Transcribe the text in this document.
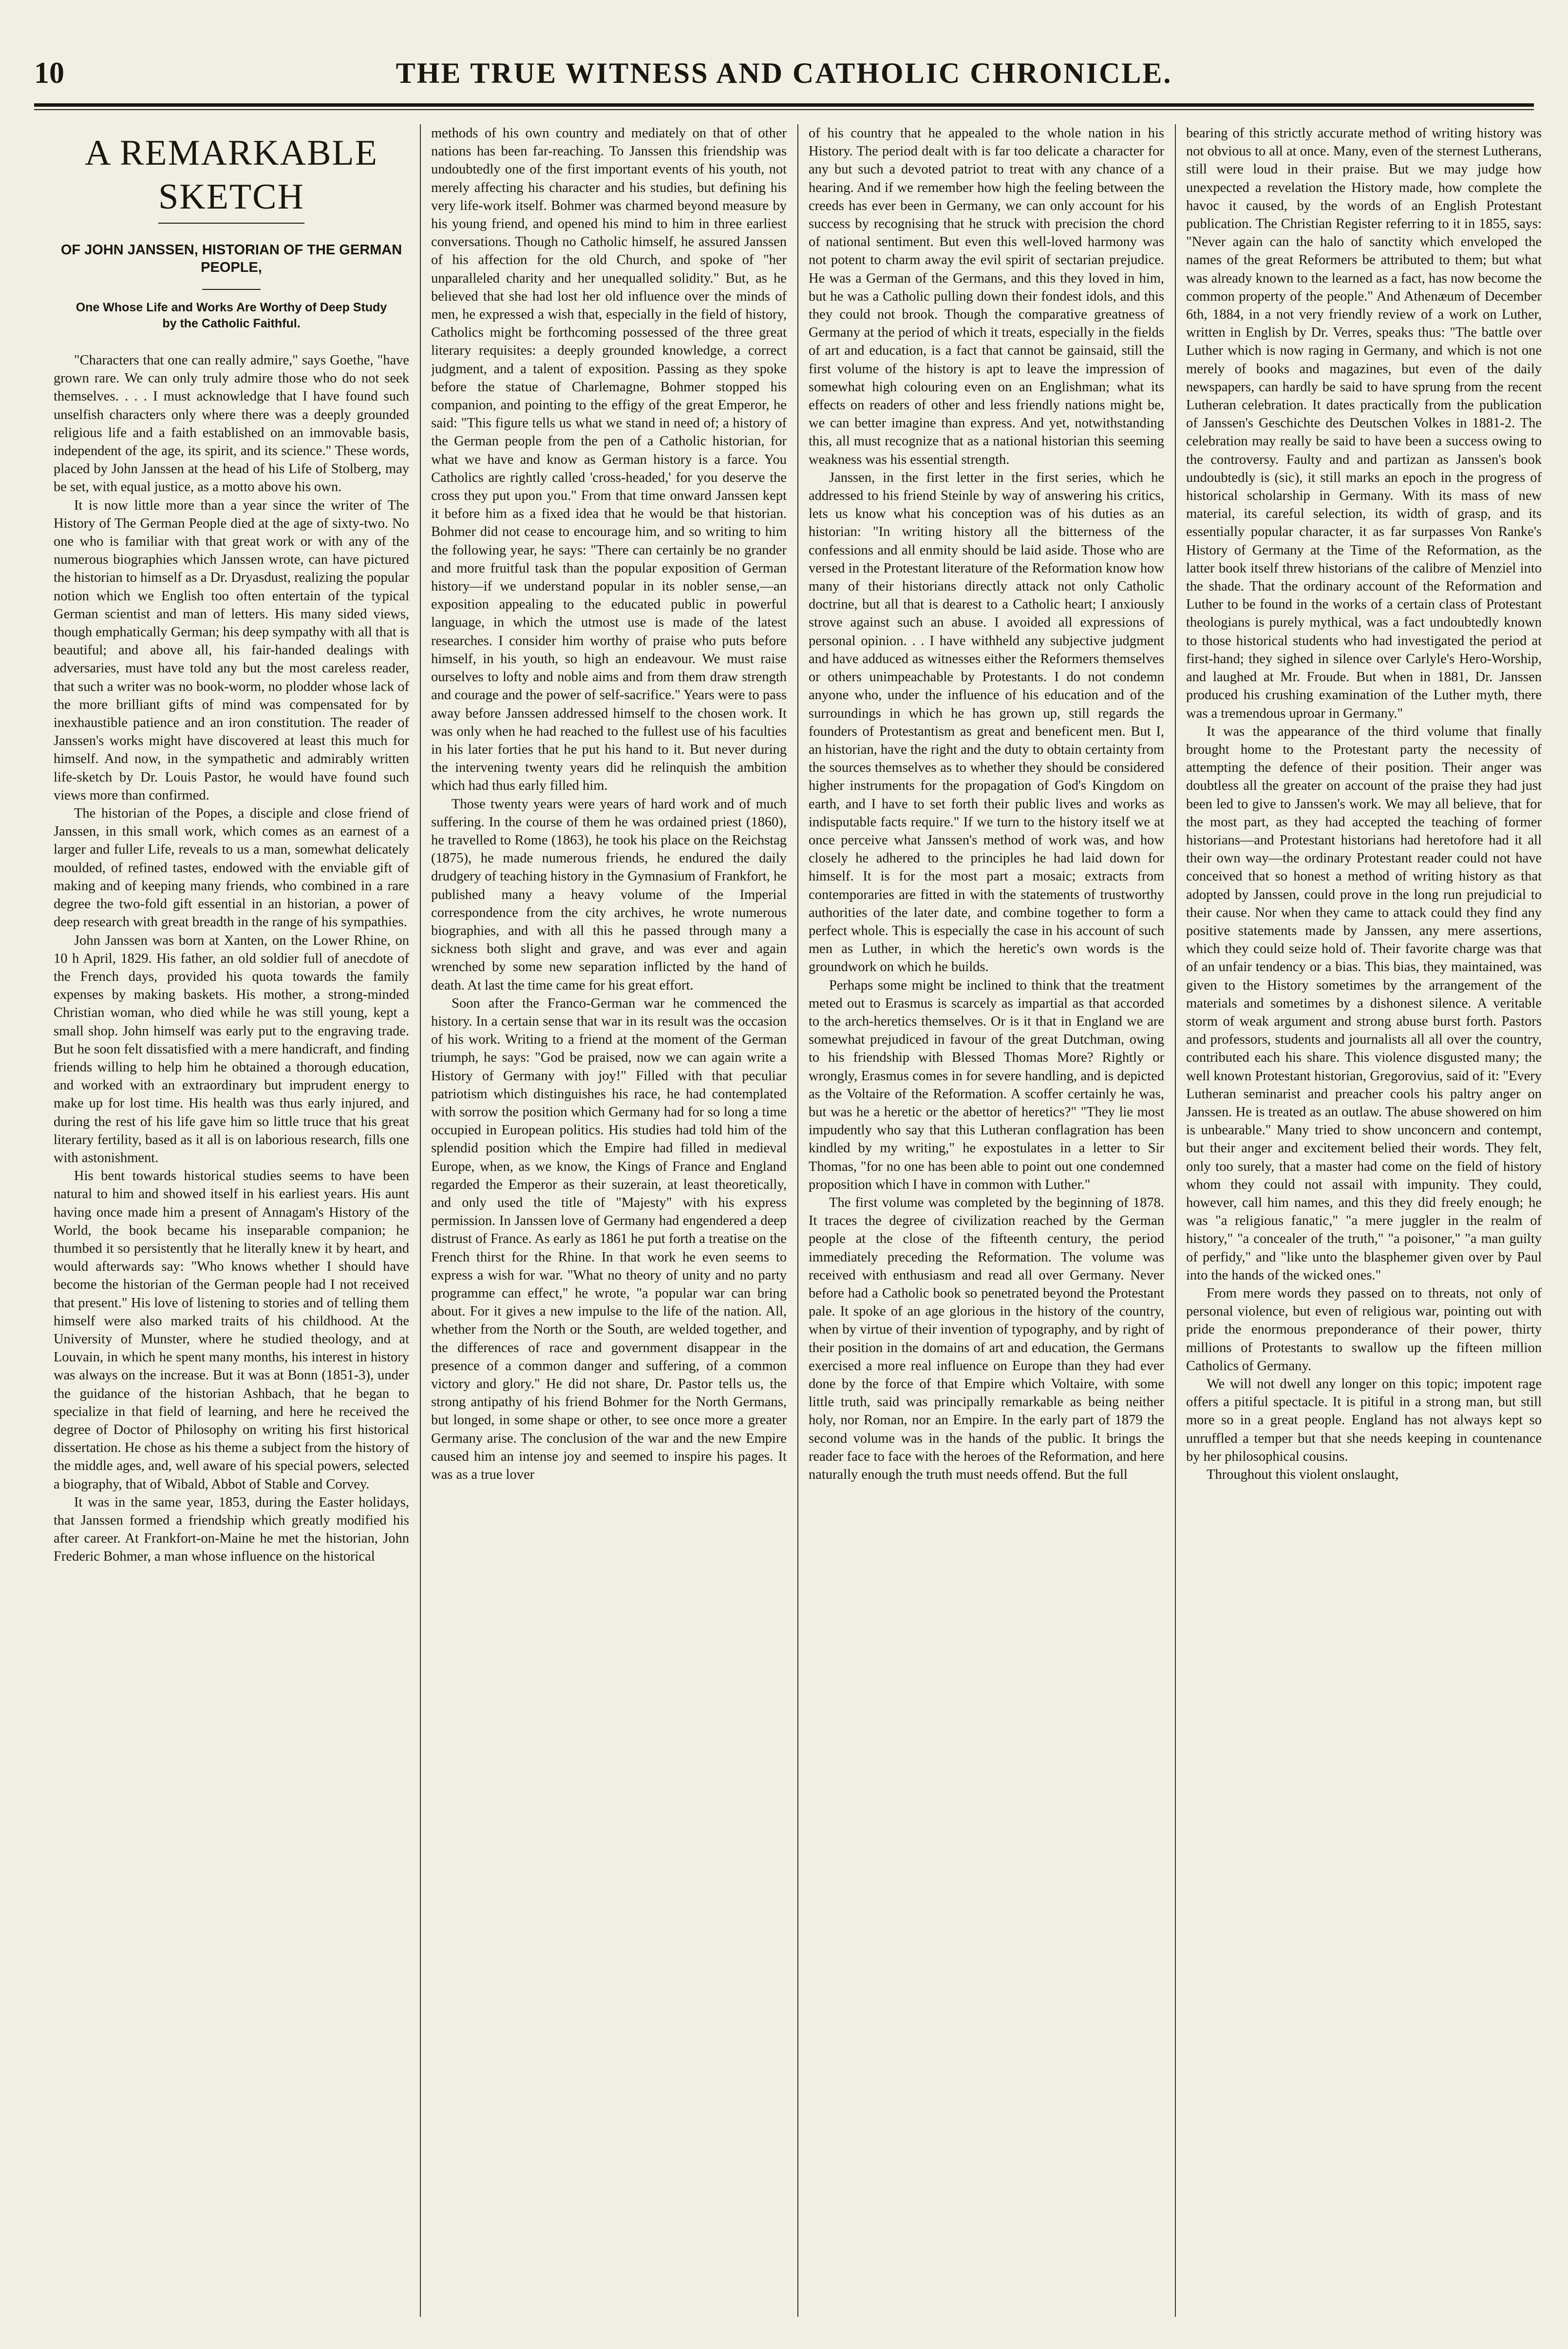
10	THE TRUE WITNESS AND CATHOLIC CHRONICLE.
A REMARKABLE SKETCH
OF JOHN JANSSEN, HISTORIAN OF THE GERMAN PEOPLE,
One Whose Life and Works Are Worthy of Deep Study by the Catholic Faithful.

"Characters that one can really admire," says Goethe, "have grown rare. We can only truly admire those who do not seek themselves. . . . I must acknowledge that I have found such unselfish characters only where there was a deeply grounded religious life and a faith established on an immovable basis, independent of the age, its spirit, and its science." These words, placed by John Janssen at the head of his Life of Stolberg, may be set, with equal justice, as a motto above his own.

It is now little more than a year since the writer of The History of The German People died at the age of sixty-two. No one who is familiar with that great work or with any of the numerous biographies which Janssen wrote, can have pictured the historian to himself as a Dr. Dryasdust, realizing the popular notion which we English too often entertain of the typical German scientist and man of letters. His many sided views, though emphatically German; his deep sympathy with all that is beautiful; and above all, his fair-handed dealings with adversaries, must have told any but the most careless reader, that such a writer was no book-worm, no plodder whose lack of the more brilliant gifts of mind was compensated for by inexhaustible patience and an iron constitution. The reader of Janssen's works might have discovered at least this much for himself. And now, in the sympathetic and admirably written life-sketch by Dr. Louis Pastor, he would have found such views more than confirmed.

The historian of the Popes, a disciple and close friend of Janssen, in this small work, which comes as an earnest of a larger and fuller Life, reveals to us a man, somewhat delicately moulded, of refined tastes, endowed with the enviable gift of making and of keeping many friends, who combined in a rare degree the two-fold gift essential in an historian, a power of deep research with great breadth in the range of his sympathies.

John Janssen was born at Xanten, on the Lower Rhine, on 10 h April, 1829. His father, an old soldier full of anecdote of the French days, provided his quota towards the family expenses by making baskets. His mother, a strong-minded Christian woman, who died while he was still young, kept a small shop. John himself was early put to the engraving trade. But he soon felt dissatisfied with a mere handicraft, and finding friends willing to help him he obtained a thorough education, and worked with an extraordinary but imprudent energy to make up for lost time. His health was thus early injured, and during the rest of his life gave him so little truce that his great literary fertility, based as it all is on laborious research, fills one with astonishment.

His bent towards historical studies seems to have been natural to him and showed itself in his earliest years. His aunt having once made him a present of Annagam's History of the World, the book became his inseparable companion; he thumbed it so persistently that he literally knew it by heart, and would afterwards say: "Who knows whether I should have become the historian of the German people had I not received that present." His love of listening to stories and of telling them himself were also marked traits of his childhood. At the University of Munster, where he studied theology, and at Louvain, in which he spent many months, his interest in history was always on the increase. But it was at Bonn (1851-3), under the guidance of the historian Ashbach, that he began to specialize in that field of learning, and here he received the degree of Doctor of Philosophy on writing his first historical dissertation. He chose as his theme a subject from the history of the middle ages, and, well aware of his special powers, selected a biography, that of Wibald, Abbot of Stable and Corvey.

It was in the same year, 1853, during the Easter holidays, that Janssen formed a friendship which greatly modified his after career. At Frankfort-on-Maine he met the historian, John Frederic Bohmer, a man whose influence on the historical

methods of his own country and mediately on that of other nations has been far-reaching. To Janssen this friendship was undoubtedly one of the first important events of his youth, not merely affecting his character and his studies, but defining his very life-work itself. Bohmer was charmed beyond measure by his young friend, and opened his mind to him in three earliest conversations. Though no Catholic himself, he assured Janssen of his affection for the old Church, and spoke of "her unparalleled charity and her unequalled solidity." But, as he believed that she had lost her old influence over the minds of men, he expressed a wish that, especially in the field of history, Catholics might be forthcoming possessed of the three great literary requisites: a deeply grounded knowledge, a correct judgment, and a talent of exposition. Passing as they spoke before the statue of Charlemagne, Bohmer stopped his companion, and pointing to the effigy of the great Emperor, he said: "This figure tells us what we stand in need of; a history of the German people from the pen of a Catholic historian, for what we have and know as German history is a farce. You Catholics are rightly called 'cross-headed,' for you deserve the cross they put upon you." From that time onward Janssen kept it before him as a fixed idea that he would be that historian. Bohmer did not cease to encourage him, and so writing to him the following year, he says: "There can certainly be no grander and more fruitful task than the popular exposition of German history—if we understand popular in its nobler sense,—an exposition appealing to the educated public in powerful language, in which the utmost use is made of the latest researches. I consider him worthy of praise who puts before himself, in his youth, so high an endeavour. We must raise ourselves to lofty and noble aims and from them draw strength and courage and the power of self-sacrifice." Years were to pass away before Janssen addressed himself to the chosen work. It was only when he had reached to the fullest use of his faculties in his later forties that he put his hand to it. But never during the intervening twenty years did he relinquish the ambition which had thus early filled him.

Those twenty years were years of hard work and of much suffering. In the course of them he was ordained priest (1860), he travelled to Rome (1863), he took his place on the Reichstag (1875), he made numerous friends, he endured the daily drudgery of teaching history in the Gymnasium of Frankfort, he published many a heavy volume of the Imperial correspondence from the city archives, he wrote numerous biographies, and with all this he passed through many a sickness both slight and grave, and was ever and again wrenched by some new separation inflicted by the hand of death. At last the time came for his great effort.

Soon after the Franco-German war he commenced the history. In a certain sense that war in its result was the occasion of his work. Writing to a friend at the moment of the German triumph, he says: "God be praised, now we can again write a History of Germany with joy!" Filled with that peculiar patriotism which distinguishes his race, he had contemplated with sorrow the position which Germany had for so long a time occupied in European politics. His studies had told him of the splendid position which the Empire had filled in medieval Europe, when, as we know, the Kings of France and England regarded the Emperor as their suzerain, at least theoretically, and only used the title of "Majesty" with his express permission. In Janssen love of Germany had engendered a deep distrust of France. As early as 1861 he put forth a treatise on the French thirst for the Rhine. In that work he even seems to express a wish for war. "What no theory of unity and no party programme can effect," he wrote, "a popular war can bring about. For it gives a new impulse to the life of the nation. All, whether from the North or the South, are welded together, and the differences of race and government disappear in the presence of a common danger and suffering, of a common victory and glory." He did not share, Dr. Pastor tells us, the strong antipathy of his friend Bohmer for the North Germans, but longed, in some shape or other, to see once more a greater Germany arise. The conclusion of the war and the new Empire caused him an intense joy and seemed to inspire his pages. It was as a true lover

of his country that he appealed to the whole nation in his History. The period dealt with is far too delicate a character for any but such a devoted patriot to treat with any chance of a hearing. And if we remember how high the feeling between the creeds has ever been in Germany, we can only account for his success by recognising that he struck with precision the chord of national sentiment. But even this well-loved harmony was not potent to charm away the evil spirit of sectarian prejudice. He was a German of the Germans, and this they loved in him, but he was a Catholic pulling down their fondest idols, and this they could not brook. Though the comparative greatness of Germany at the period of which it treats, especially in the fields of art and education, is a fact that cannot be gainsaid, still the first volume of the history is apt to leave the impression of somewhat high colouring even on an Englishman; what its effects on readers of other and less friendly nations might be, we can better imagine than express. And yet, notwithstanding this, all must recognize that as a national historian this seeming weakness was his essential strength.

Janssen, in the first letter in the first series, which he addressed to his friend Steinle by way of answering his critics, lets us know what his conception was of his duties as an historian: "In writing history all the bitterness of the confessions and all enmity should be laid aside. Those who are versed in the Protestant literature of the Reformation know how many of their historians directly attack not only Catholic doctrine, but all that is dearest to a Catholic heart; I anxiously strove against such an abuse. I avoided all expressions of personal opinion. . . I have withheld any subjective judgment and have adduced as witnesses either the Reformers themselves or others unimpeachable by Protestants. I do not condemn anyone who, under the influence of his education and of the surroundings in which he has grown up, still regards the founders of Protestantism as great and beneficent men. But I, an historian, have the right and the duty to obtain certainty from the sources themselves as to whether they should be considered higher instruments for the propagation of God's Kingdom on earth, and I have to set forth their public lives and works as indisputable facts require." If we turn to the history itself we at once perceive what Janssen's method of work was, and how closely he adhered to the principles he had laid down for himself. It is for the most part a mosaic; extracts from contemporaries are fitted in with the statements of trustworthy authorities of the later date, and combine together to form a perfect whole. This is especially the case in his account of such men as Luther, in which the heretic's own words is the groundwork on which he builds.

Perhaps some might be inclined to think that the treatment meted out to Erasmus is scarcely as impartial as that accorded to the arch-heretics themselves. Or is it that in England we are somewhat prejudiced in favour of the great Dutchman, owing to his friendship with Blessed Thomas More? Rightly or wrongly, Erasmus comes in for severe handling, and is depicted as the Voltaire of the Reformation. A scoffer certainly he was, but was he a heretic or the abettor of heretics?" "They lie most impudently who say that this Lutheran conflagration has been kindled by my writing," he expostulates in a letter to Sir Thomas, "for no one has been able to point out one condemned proposition which I have in common with Luther."

The first volume was completed by the beginning of 1878. It traces the degree of civilization reached by the German people at the close of the fifteenth century, the period immediately preceding the Reformation. The volume was received with enthusiasm and read all over Germany. Never before had a Catholic book so penetrated beyond the Protestant pale. It spoke of an age glorious in the history of the country, when by virtue of their invention of typography, and by right of their position in the domains of art and education, the Germans exercised a more real influence on Europe than they had ever done by the force of that Empire which Voltaire, with some little truth, said was principally remarkable as being neither holy, nor Roman, nor an Empire. In the early part of 1879 the second volume was in the hands of the public. It brings the reader face to face with the heroes of the Reformation, and here naturally enough the truth must needs offend. But the full

bearing of this strictly accurate method of writing history was not obvious to all at once. Many, even of the sternest Lutherans, still were loud in their praise. But we may judge how unexpected a revelation the History made, how complete the havoc it caused, by the words of an English Protestant publication. The Christian Register referring to it in 1855, says: "Never again can the halo of sanctity which enveloped the names of the great Reformers be attributed to them; but what was already known to the learned as a fact, has now become the common property of the people." And Athenæum of December 6th, 1884, in a not very friendly review of a work on Luther, written in English by Dr. Verres, speaks thus: "The battle over Luther which is now raging in Germany, and which is not one merely of books and magazines, but even of the daily newspapers, can hardly be said to have sprung from the recent Lutheran celebration. It dates practically from the publication of Janssen's Geschichte des Deutschen Volkes in 1881-2. The celebration may really be said to have been a success owing to the controversy. Faulty and and partizan as Janssen's book undoubtedly is (sic), it still marks an epoch in the progress of historical scholarship in Germany. With its mass of new material, its careful selection, its width of grasp, and its essentially popular character, it as far surpasses Von Ranke's History of Germany at the Time of the Reformation, as the latter book itself threw historians of the calibre of Menziel into the shade. That the ordinary account of the Reformation and Luther to be found in the works of a certain class of Protestant theologians is purely mythical, was a fact undoubtedly known to those historical students who had investigated the period at first-hand; they sighed in silence over Carlyle's Hero-Worship, and laughed at Mr. Froude. But when in 1881, Dr. Janssen produced his crushing examination of the Luther myth, there was a tremendous uproar in Germany."

It was the appearance of the third volume that finally brought home to the Protestant party the necessity of attempting the defence of their position. Their anger was doubtless all the greater on account of the praise they had just been led to give to Janssen's work. We may all believe, that for the most part, as they had accepted the teaching of former historians—and Protestant historians had heretofore had it all their own way—the ordinary Protestant reader could not have conceived that so honest a method of writing history as that adopted by Janssen, could prove in the long run prejudicial to their cause. Nor when they came to attack could they find any positive statements made by Janssen, any mere assertions, which they could seize hold of. Their favorite charge was that of an unfair tendency or a bias. This bias, they maintained, was given to the History sometimes by the arrangement of the materials and sometimes by a dishonest silence. A veritable storm of weak argument and strong abuse burst forth. Pastors and professors, students and journalists all all over the country, contributed each his share. This violence disgusted many; the well known Protestant historian, Gregorovius, said of it: "Every Lutheran seminarist and preacher cools his paltry anger on Janssen. He is treated as an outlaw. The abuse showered on him is unbearable." Many tried to show unconcern and contempt, but their anger and excitement belied their words. They felt, only too surely, that a master had come on the field of history whom they could not assail with impunity. They could, however, call him names, and this they did freely enough; he was "a religious fanatic," "a mere juggler in the realm of history," "a concealer of the truth," "a poisoner," "a man guilty of perfidy," and "like unto the blasphemer given over by Paul into the hands of the wicked ones."

From mere words they passed on to threats, not only of personal violence, but even of religious war, pointing out with pride the enormous preponderance of their power, thirty millions of Protestants to swallow up the fifteen million Catholics of Germany.

We will not dwell any longer on this topic; impotent rage offers a pitiful spectacle. It is pitiful in a strong man, but still more so in a great people. England has not always kept so unruffled a temper but that she needs keeping in countenance by her philosophical cousins.

Throughout this violent onslaught,
